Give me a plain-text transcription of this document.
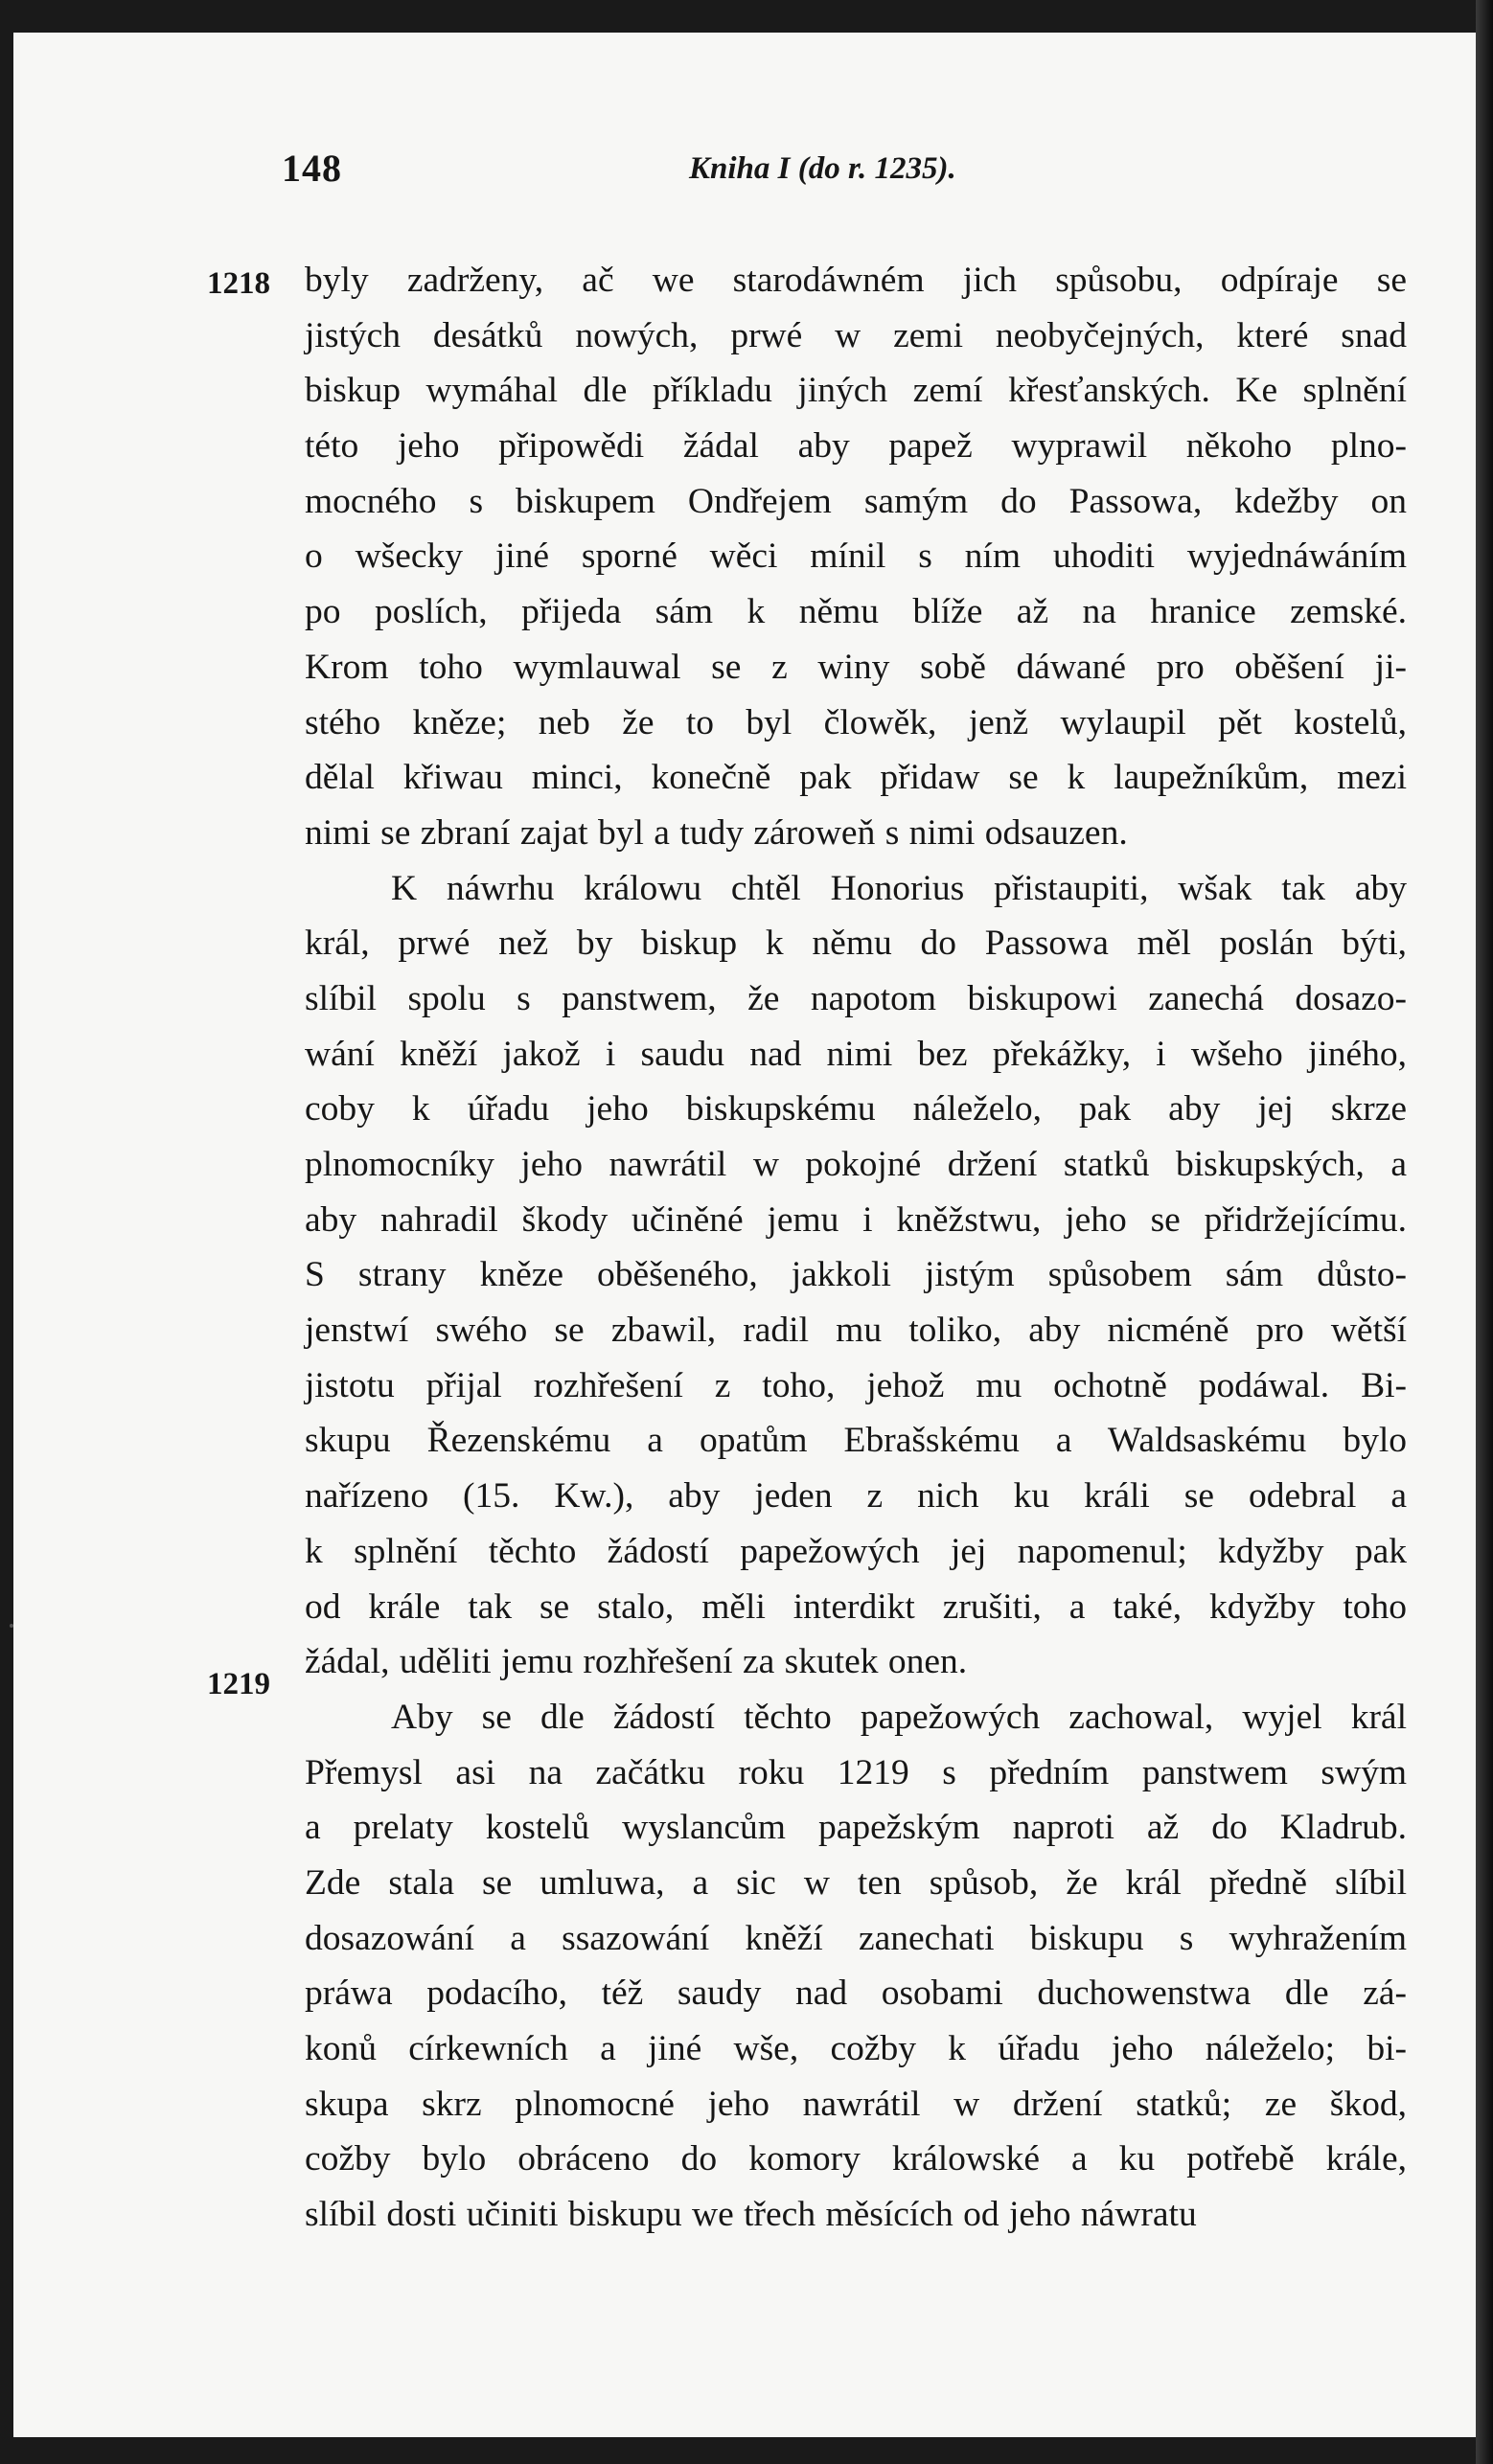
148	Kniha I (do r. 1235).
1218
1219
byly zadrženy, ač we starodáwném jich spůsobu, odpíraje se
jistých desátků nowých, prwé w zemi neobyčejných, které snad
biskup wymáhal dle příkladu jiných zemí křesťanských. Ke splnění
této jeho připowědi žádal aby papež wyprawil někoho plno-
mocného s biskupem Ondřejem samým do Passowa, kdežby on
o wšecky jiné sporné wěci mínil s ním uhoditi wyjednáwáním
po poslích, přijeda sám k němu blíže až na hranice zemské.
Krom toho wymlauwal se z winy sobě dáwané pro oběšení ji-
stého kněze; neb že to byl člowěk, jenž wylaupil pět kostelů,
dělal křiwau minci, konečně pak přidaw se k laupežníkům, mezi
nimi se zbraní zajat byl a tudy zároweň s nimi odsauzen.
K náwrhu králowu chtěl Honorius přistaupiti, wšak tak aby
král, prwé než by biskup k němu do Passowa měl poslán býti,
slíbil spolu s panstwem, že napotom biskupowi zanechá dosazo-
wání kněží jakož i saudu nad nimi bez překážky, i wšeho jiného,
coby k úřadu jeho biskupskému náleželo, pak aby jej skrze
plnomocníky jeho nawrátil w pokojné držení statků biskupských, a
aby nahradil škody učiněné jemu i kněžstwu, jeho se přidržejícímu.
S strany kněze oběšeného, jakkoli jistým spůsobem sám důsto-
jenstwí swého se zbawil, radil mu toliko, aby nicméně pro wětší
jistotu přijal rozhřešení z toho, jehož mu ochotně podáwal. Bi-
skupu Řezenskému a opatům Ebrašskému a Waldsaskému bylo
nařízeno (15. Kw.), aby jeden z nich ku králi se odebral a
k splnění těchto žádostí papežowých jej napomenul; kdyžby pak
od krále tak se stalo, měli interdikt zrušiti, a také, kdyžby toho
žádal, uděliti jemu rozhřešení za skutek onen.
Aby se dle žádostí těchto papežowých zachowal, wyjel král
Přemysl asi na začátku roku 1219 s předním panstwem swým
a prelaty kostelů wyslancům papežským naproti až do Kladrub.
Zde stala se umluwa, a sic w ten spůsob, že král předně slíbil
dosazowání a ssazowání kněží zanechati biskupu s wyhražením
práwa podacího, též saudy nad osobami duchowenstwa dle zá-
konů církewních a jiné wše, cožby k úřadu jeho náleželo; bi-
skupa skrz plnomocné jeho nawrátil w držení statků; ze škod,
cožby bylo obráceno do komory králowské a ku potřebě krále,
slíbil dosti učiniti biskupu we třech měsících od jeho náwratu
